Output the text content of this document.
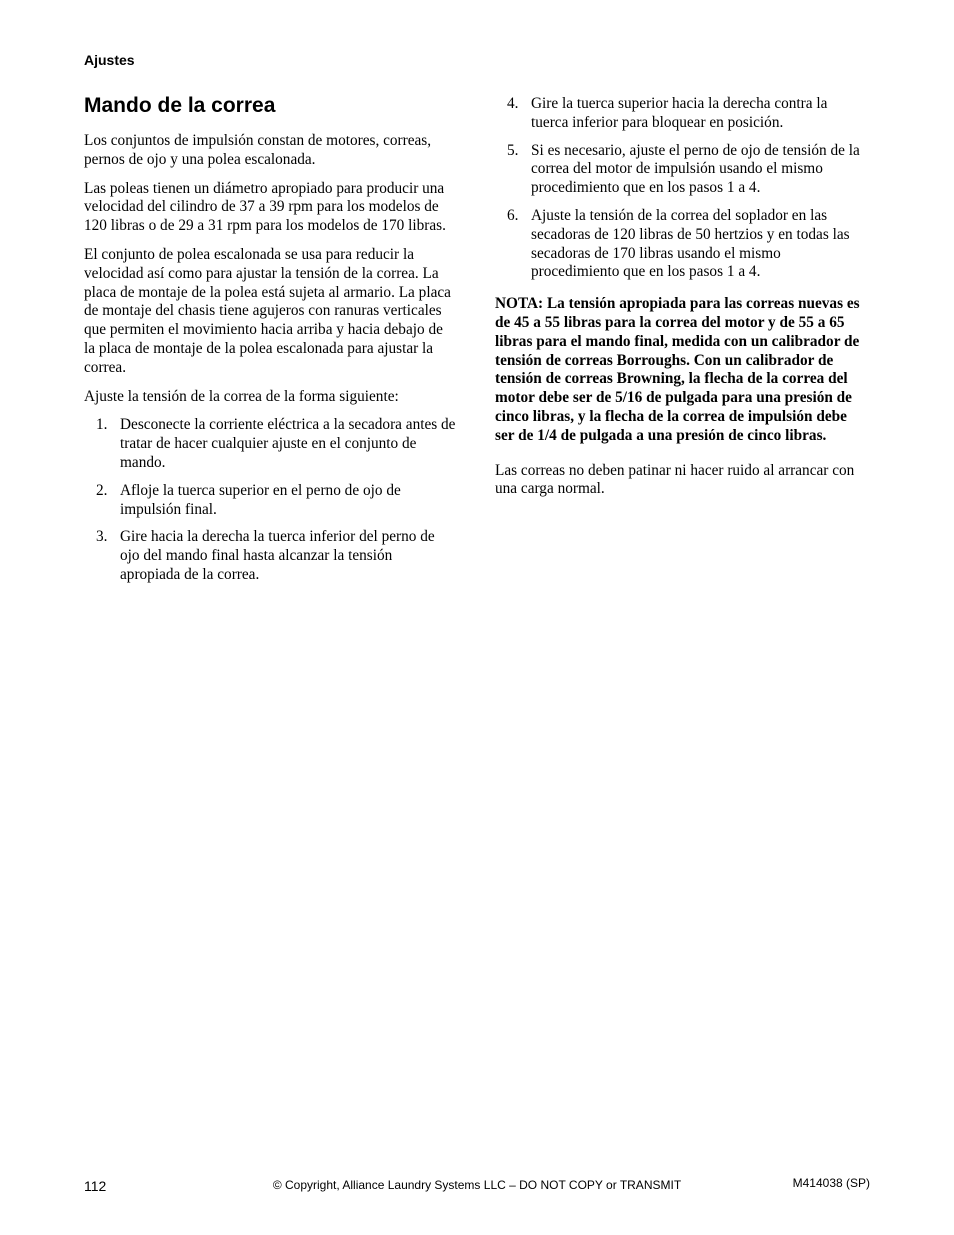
Ajustes
Mando de la correa

Los conjuntos de impulsión constan de motores, correas, pernos de ojo y una polea escalonada.

Las poleas tienen un diámetro apropiado para producir una velocidad del cilindro de 37 a 39 rpm para los modelos de 120 libras o de 29 a 31 rpm para los modelos de 170 libras.

El conjunto de polea escalonada se usa para reducir la velocidad así como para ajustar la tensión de la correa. La placa de montaje de la polea está sujeta al armario. La placa de montaje del chasis tiene agujeros con ranuras verticales que permiten el movimiento hacia arriba y hacia debajo de la placa de montaje de la polea escalonada para ajustar la correa.

Ajuste la tensión de la correa de la forma siguiente:

1. Desconecte la corriente eléctrica a la secadora antes de tratar de hacer cualquier ajuste en el conjunto de mando.
2. Afloje la tuerca superior en el perno de ojo de impulsión final.
3. Gire hacia la derecha la tuerca inferior del perno de ojo del mando final hasta alcanzar la tensión apropiada de la correa.
4. Gire la tuerca superior hacia la derecha contra la tuerca inferior para bloquear en posición.
5. Si es necesario, ajuste el perno de ojo de tensión de la correa del motor de impulsión usando el mismo procedimiento que en los pasos 1 a 4.
6. Ajuste la tensión de la correa del soplador en las secadoras de 120 libras de 50 hertzios y en todas las secadoras de 170 libras usando el mismo procedimiento que en los pasos 1 a 4.

NOTA: La tensión apropiada para las correas nuevas es de 45 a 55 libras para la correa del motor y de 55 a 65 libras para el mando final, medida con un calibrador de tensión de correas Borroughs. Con un calibrador de tensión de correas Browning, la flecha de la correa del motor debe ser de 5/16 de pulgada para una presión de cinco libras, y la flecha de la correa de impulsión debe ser de 1/4 de pulgada a una presión de cinco libras.

Las correas no deben patinar ni hacer ruido al arrancar con una carga normal.

112	© Copyright, Alliance Laundry Systems LLC – DO NOT COPY or TRANSMIT	M414038 (SP)
